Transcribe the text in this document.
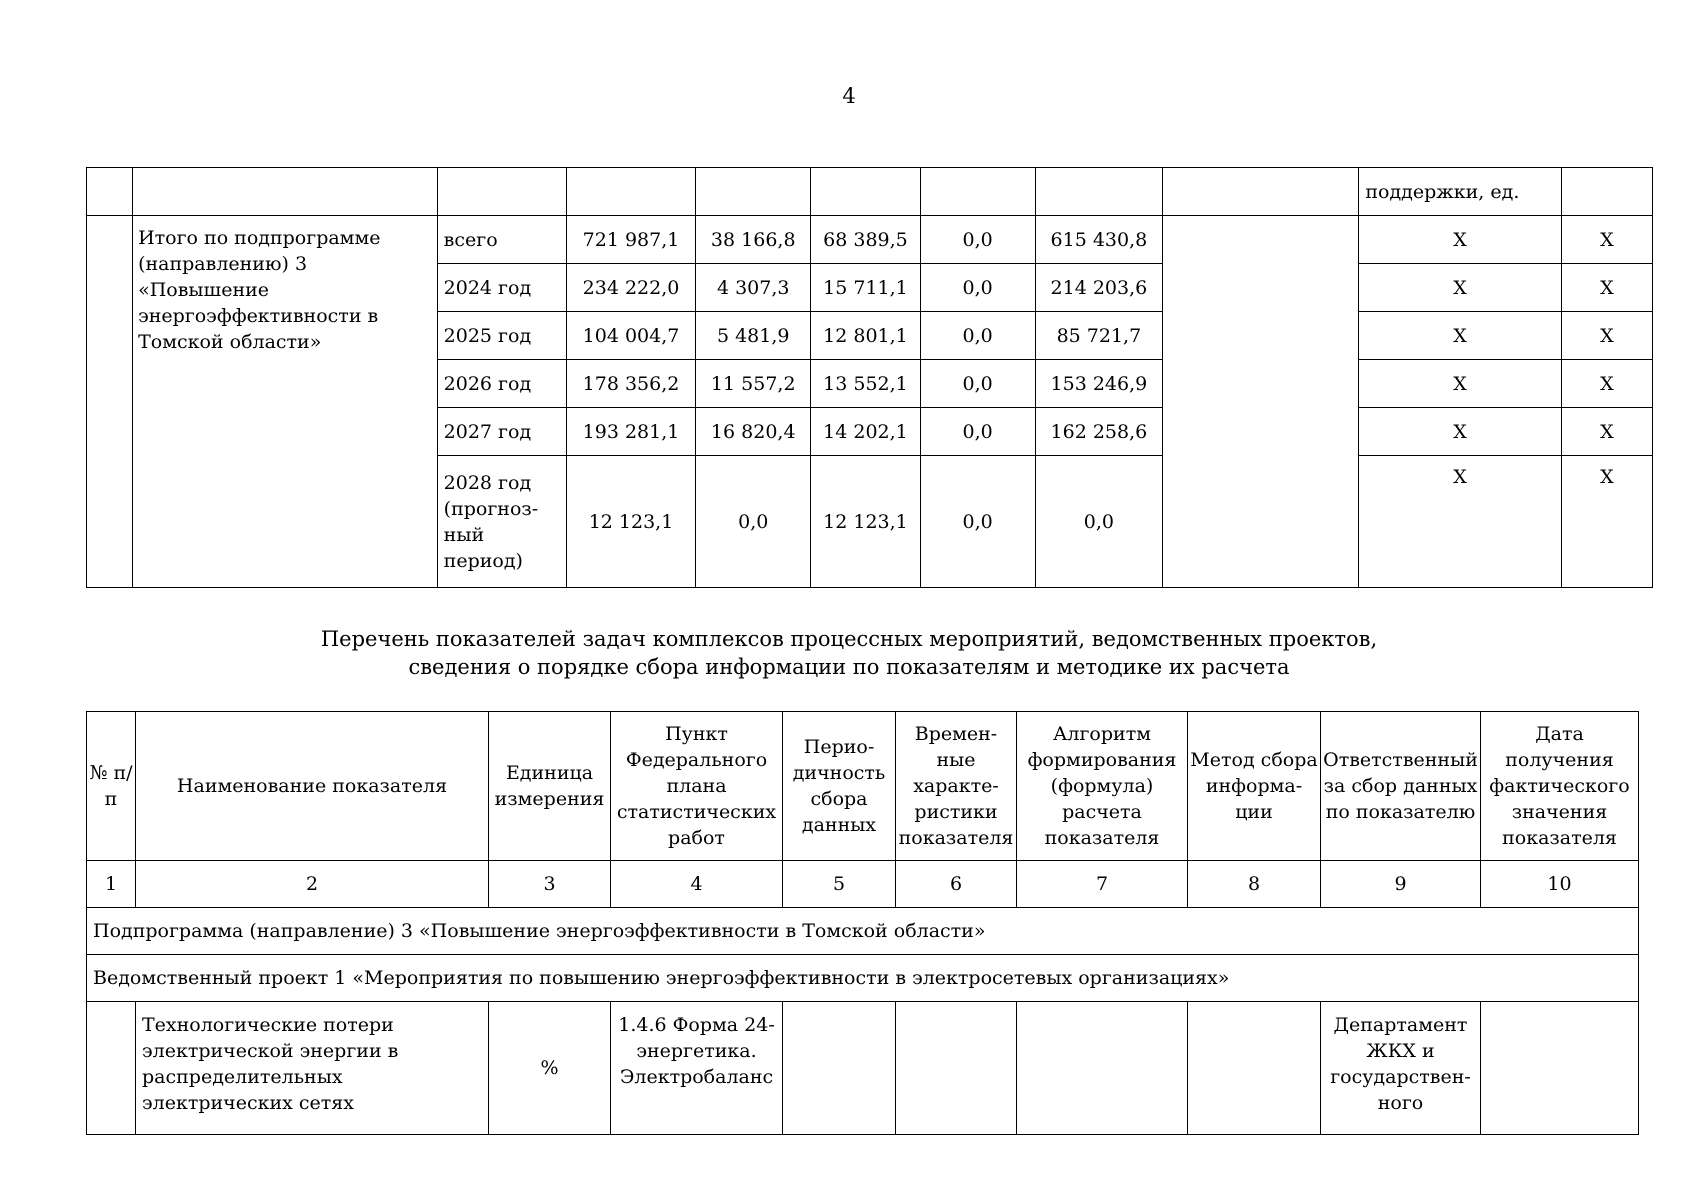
4
									поддержки, ед.	
	Итого по подпрограмме (направлению) 3 «Повышение энергоэффективности в Томской области»	всего	721 987,1	38 166,8	68 389,5	0,0	615 430,8		X	X
		2024 год	234 222,0	4 307,3	15 711,1	0,0	214 203,6		X	X
		2025 год	104 004,7	5 481,9	12 801,1	0,0	85 721,7		X	X
		2026 год	178 356,2	11 557,2	13 552,1	0,0	153 246,9		X	X
		2027 год	193 281,1	16 820,4	14 202,1	0,0	162 258,6		X	X
		2028 год (прогноз-ный период)	12 123,1	0,0	12 123,1	0,0	0,0		X	X
Перечень показателей задач комплексов процессных мероприятий, ведомственных проектов,
сведения о порядке сбора информации по показателям и методике их расчета
№ п/п	Наименование показателя	Единица измерения	Пункт Федерального плана статистических работ	Перио-дичность сбора данных	Времен-ные характе-ристики показателя	Алгоритм формирования (формула) расчета показателя	Метод сбора информа-ции	Ответственный за сбор данных по показателю	Дата получения фактического значения показателя
1	2	3	4	5	6	7	8	9	10
Подпрограмма (направление) 3 «Повышение энергоэффективности в Томской области»									
Ведомственный проект 1 «Мероприятия по повышению энергоэффективности в электросетевых организациях»									
	Технологические потери электрической энергии в распределительных электрических сетях	%	1.4.6 Форма 24-энергетика. Электробаланс					Департамент ЖКХ и государствен-ного	
